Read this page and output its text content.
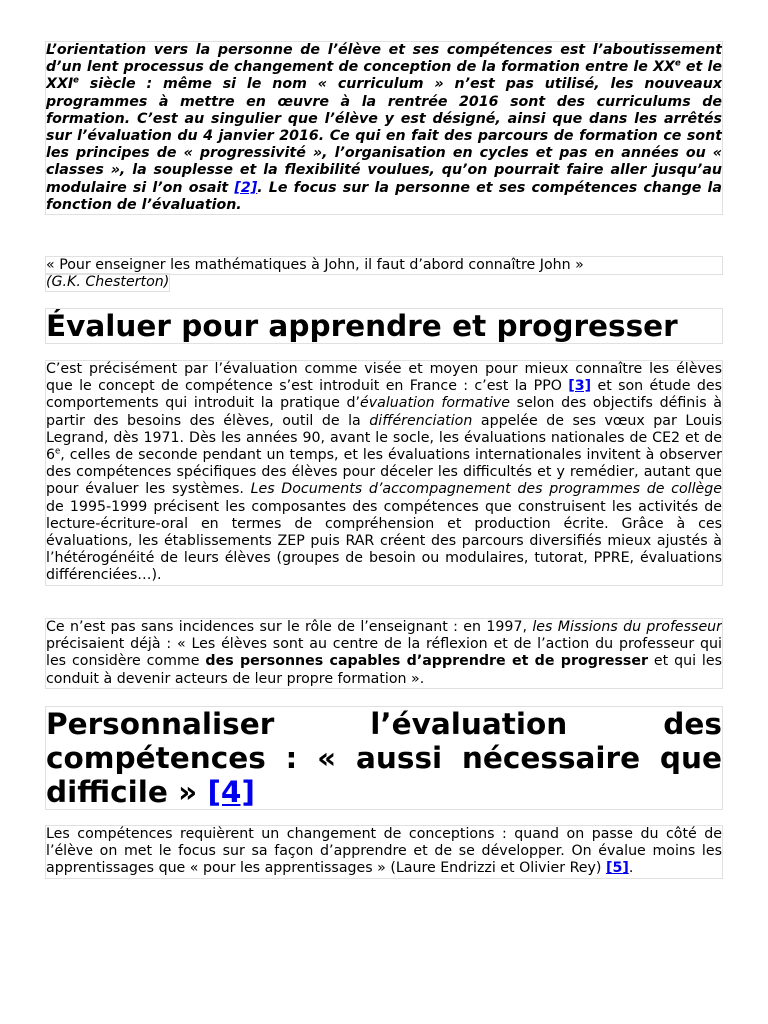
L’orientation vers la personne de l’élève et ses compétences est l’aboutissement d’un lent processus de changement de conception de la formation entre le XXe et le XXIe siècle : même si le nom « curriculum » n’est pas utilisé, les nouveaux programmes à mettre en œuvre à la rentrée 2016 sont des curriculums de formation. C’est au singulier que l’élève y est désigné, ainsi que dans les arrêtés sur l’évaluation du 4 janvier 2016. Ce qui en fait des parcours de formation ce sont les principes de « progressivité », l’organisation en cycles et pas en années ou « classes », la souplesse et la flexibilité voulues, qu’on pourrait faire aller jusqu’au modulaire si l’on osait [2]. Le focus sur la personne et ses compétences change la fonction de l’évaluation.
« Pour enseigner les mathématiques à John, il faut d’abord connaître John »
(G.K. Chesterton)
Évaluer pour apprendre et progresser
C’est précisément par l’évaluation comme visée et moyen pour mieux connaître les élèves que le concept de compétence s’est introduit en France : c’est la PPO [3] et son étude des comportements qui introduit la pratique d’évaluation formative selon des objectifs définis à partir des besoins des élèves, outil de la différenciation appelée de ses vœux par Louis Legrand, dès 1971. Dès les années 90, avant le socle, les évaluations nationales de CE2 et de 6e, celles de seconde pendant un temps, et les évaluations internationales invitent à observer des compétences spécifiques des élèves pour déceler les difficultés et y remédier, autant que pour évaluer les systèmes. Les Documents d’accompagnement des programmes de collège de 1995-1999 précisent les composantes des compétences que construisent les activités de lecture-écriture-oral en termes de compréhension et production écrite. Grâce à ces évaluations, les établissements ZEP puis RAR créent des parcours diversifiés mieux ajustés à l’hétérogénéité de leurs élèves (groupes de besoin ou modulaires, tutorat, PPRE, évaluations différenciées…).
Ce n’est pas sans incidences sur le rôle de l’enseignant : en 1997, les Missions du professeur précisaient déjà : « Les élèves sont au centre de la réflexion et de l’action du professeur qui les considère comme des personnes capables d’apprendre et de progresser et qui les conduit à devenir acteurs de leur propre formation ».
Personnaliser l’évaluation des compétences : « aussi nécessaire que difficile » [4]
Les compétences requièrent un changement de conceptions : quand on passe du côté de l’élève on met le focus sur sa façon d’apprendre et de se développer. On évalue moins les apprentissages que « pour les apprentissages » (Laure Endrizzi et Olivier Rey) [5].
